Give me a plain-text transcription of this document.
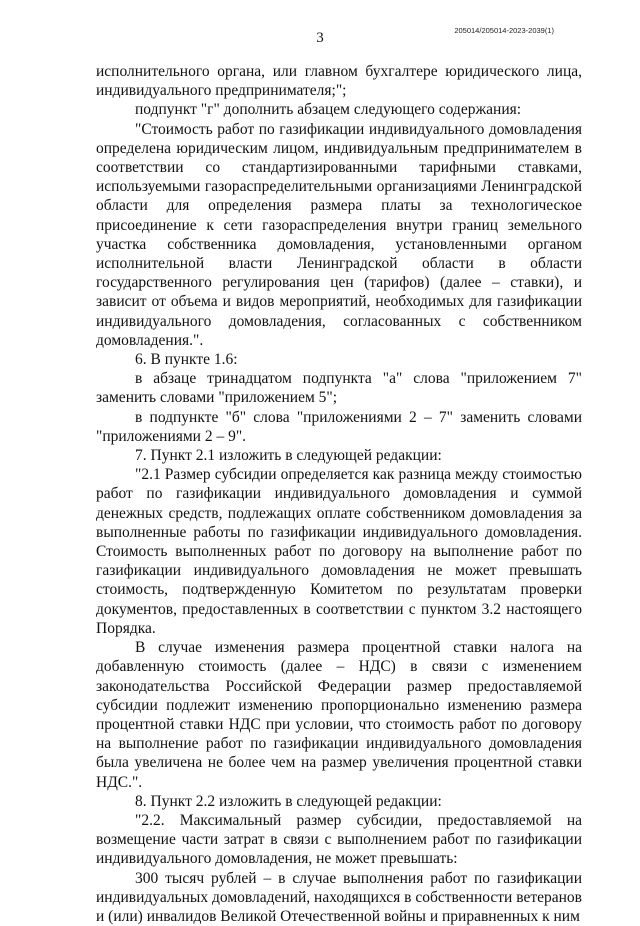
3	205014/205014-2023-2039(1)

исполнительного органа, или главном бухгалтере юридического лица, индивидуального предпринимателя;";

подпункт "г" дополнить абзацем следующего содержания:

"Стоимость работ по газификации индивидуального домовладения определена юридическим лицом, индивидуальным предпринимателем в соответствии со стандартизированными тарифными ставками, используемыми газораспределительными организациями Ленинградской области для определения размера платы за технологическое присоединение к сети газораспределения внутри границ земельного участка собственника домовладения, установленными органом исполнительной власти Ленинградской области в области государственного регулирования цен (тарифов) (далее – ставки), и зависит от объема и видов мероприятий, необходимых для газификации индивидуального домовладения, согласованных с собственником домовладения.".

6. В пункте 1.6:

в абзаце тринадцатом подпункта "а" слова "приложением 7" заменить словами "приложением 5";

в подпункте "б" слова "приложениями 2 – 7" заменить словами "приложениями 2 – 9".

7. Пункт 2.1 изложить в следующей редакции:

"2.1 Размер субсидии определяется как разница между стоимостью работ по газификации индивидуального домовладения и суммой денежных средств, подлежащих оплате собственником домовладения за выполненные работы по газификации индивидуального домовладения. Стоимость выполненных работ по договору на выполнение работ по газификации индивидуального домовладения не может превышать стоимость, подтвержденную Комитетом по результатам проверки документов, предоставленных в соответствии с пунктом 3.2 настоящего Порядка.

В случае изменения размера процентной ставки налога на добавленную стоимость (далее – НДС) в связи с изменением законодательства Российской Федерации размер предоставляемой субсидии подлежит изменению пропорционально изменению размера процентной ставки НДС при условии, что стоимость работ по договору на выполнение работ по газификации индивидуального домовладения была увеличена не более чем на размер увеличения процентной ставки НДС.".

8. Пункт 2.2 изложить в следующей редакции:

"2.2. Максимальный размер субсидии, предоставляемой на возмещение части затрат в связи с выполнением работ по газификации индивидуального домовладения, не может превышать:

300 тысяч рублей – в случае выполнения работ по газификации индивидуальных домовладений, находящихся в собственности ветеранов и (или) инвалидов Великой Отечественной войны и приравненных к ним
